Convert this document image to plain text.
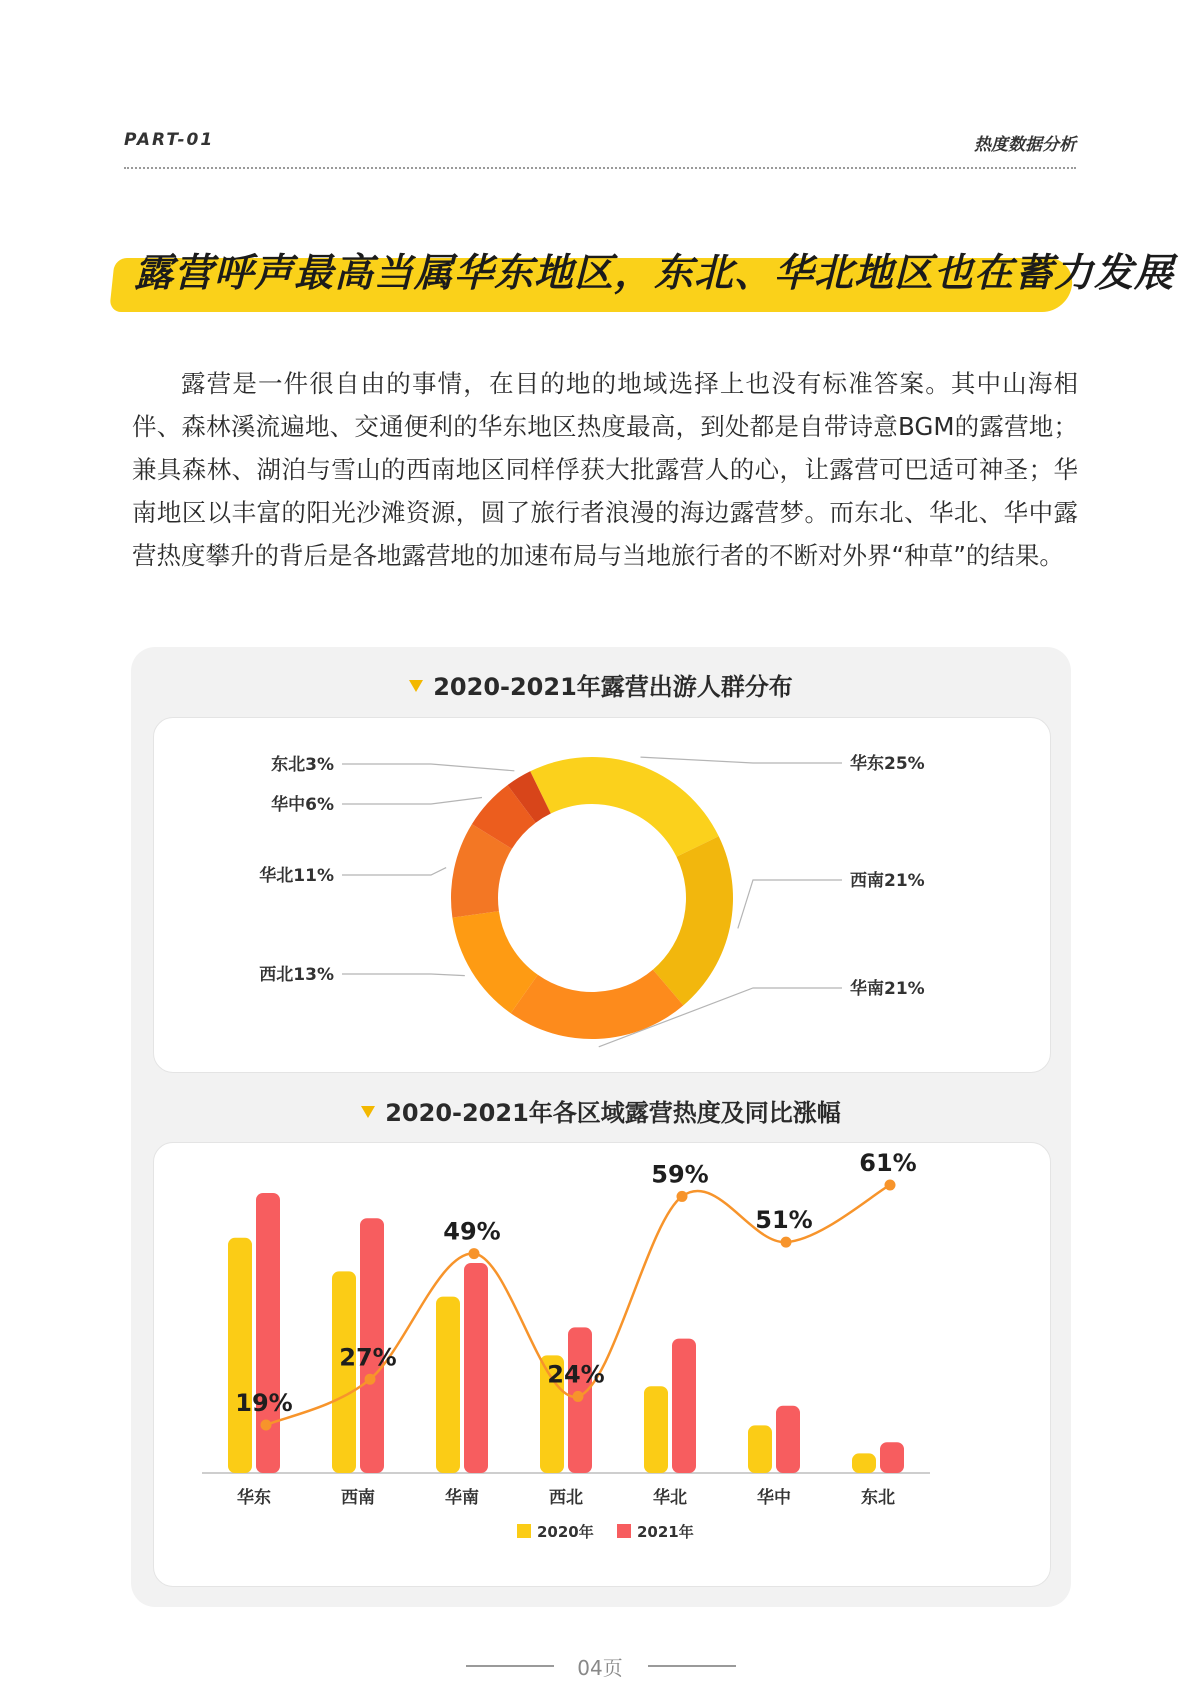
PART-01	热度数据分析
露营呼声最高当属华东地区，东北、华北地区也在蓄力发展

露营是一件很自由的事情，在目的地的地域选择上也没有标准答案。其中山海相伴、森林溪流遍地、交通便利的华东地区热度最高，到处都是自带诗意BGM的露营地；兼具森林、湖泊与雪山的西南地区同样俘获大批露营人的心，让露营可巴适可神圣；华南地区以丰富的阳光沙滩资源，圆了旅行者浪漫的海边露营梦。而东北、华北、华中露营热度攀升的背后是各地露营地的加速布局与当地旅行者的不断对外界“种草”的结果。

2020-2021年露营出游人群分布
华东25%
西南21%
华南21%
西北13%
华北11%
华中6%
东北3%
2020-2021年各区域露营热度及同比涨幅
华东	西南	华南	西北	华北	华中	东北
19%
27%
49%
24%
59%
51%
61%
2020年	2021年
04页
